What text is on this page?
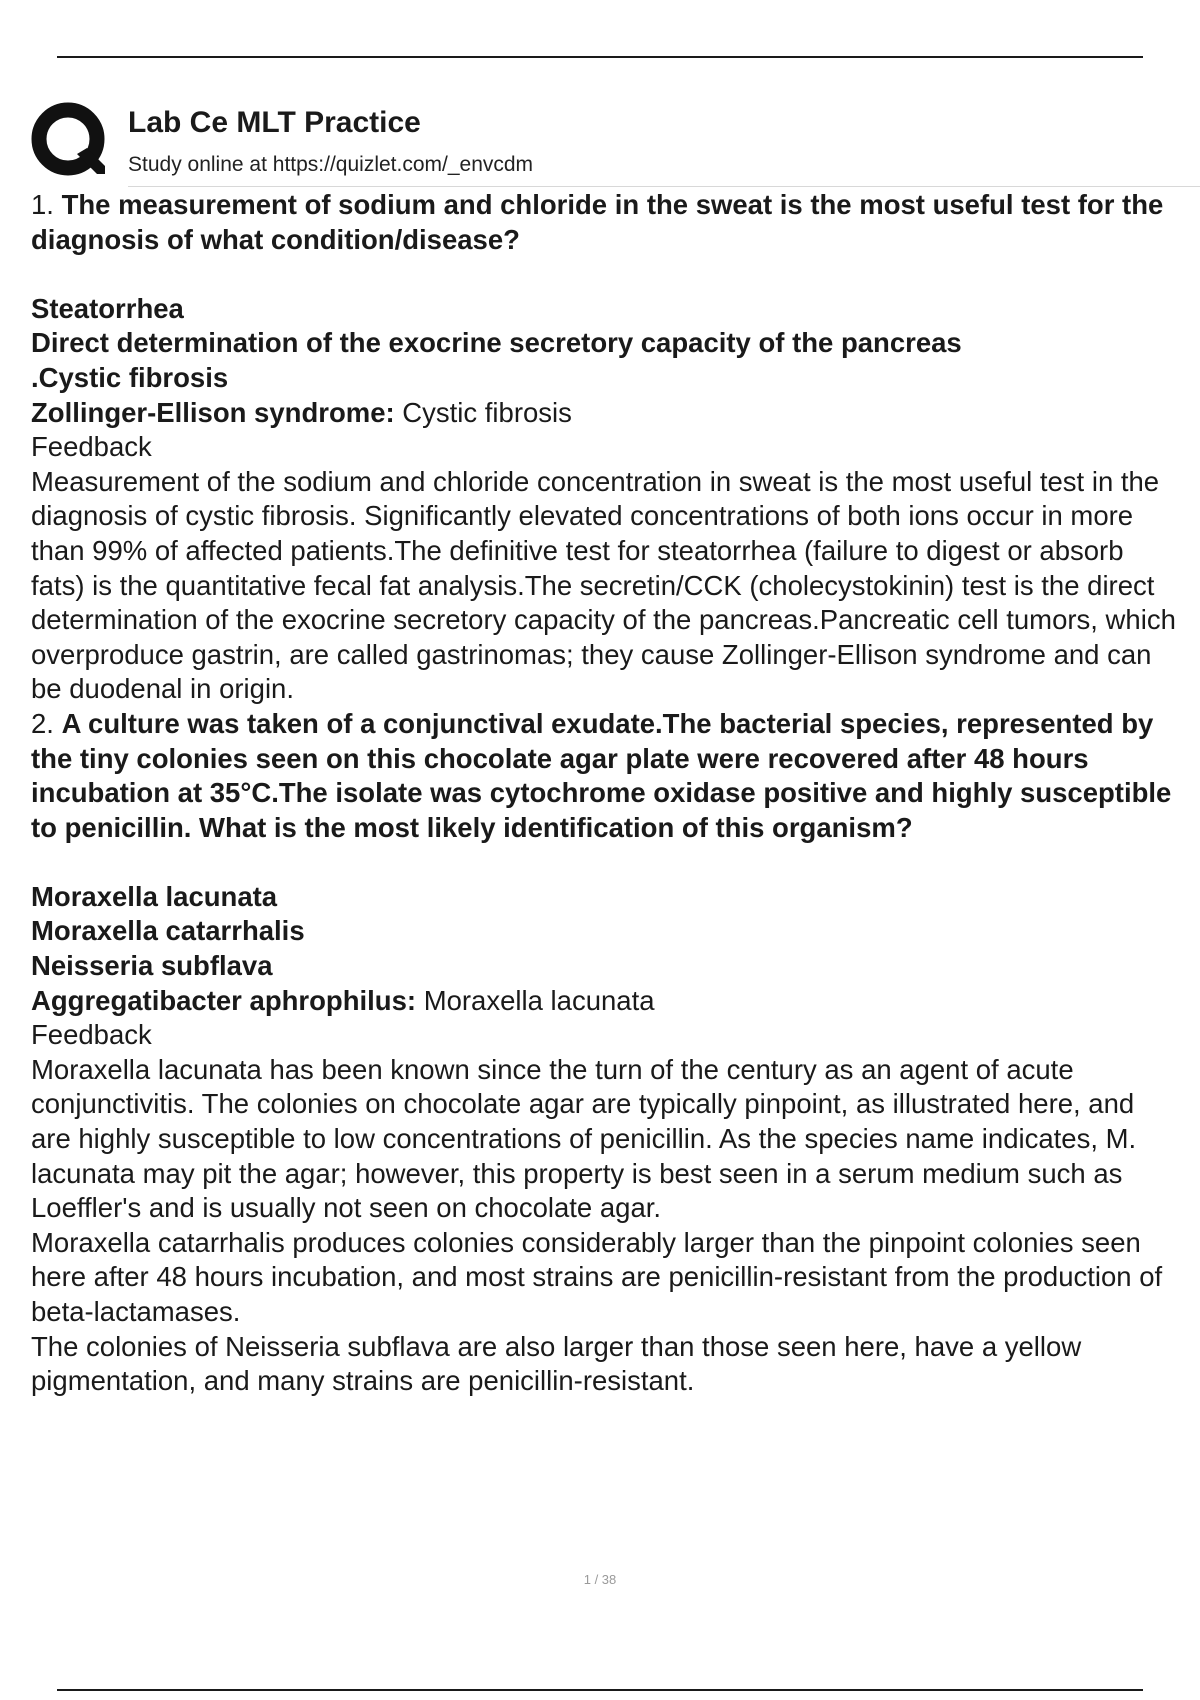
Lab Ce MLT Practice
Study online at https://quizlet.com/_envcdm

1. The measurement of sodium and chloride in the sweat is the most useful test for the diagnosis of what condition/disease?

Steatorrhea

Direct determination of the exocrine secretory capacity of the pancreas

.Cystic fibrosis

Zollinger-Ellison syndrome: Cystic fibrosis

Feedback

Measurement of the sodium and chloride concentration in sweat is the most useful test in the diagnosis of cystic fibrosis. Significantly elevated concentrations of both ions occur in more than 99% of affected patients.The definitive test for steatorrhea (failure to digest or absorb fats) is the quantitative fecal fat analysis.The secretin/CCK (cholecystokinin) test is the direct determination of the exocrine secretory capacity of the pancreas.Pancreatic cell tumors, which overproduce gastrin, are called gastrinomas; they cause Zollinger-Ellison syndrome and can be duodenal in origin.

2. A culture was taken of a conjunctival exudate.The bacterial species, represented by the tiny colonies seen on this chocolate agar plate were recovered after 48 hours incubation at 35°C.The isolate was cytochrome oxidase positive and highly susceptible to penicillin. What is the most likely identification of this organism?

Moraxella lacunata

Moraxella catarrhalis

Neisseria subflava

Aggregatibacter aphrophilus: Moraxella lacunata

Feedback

Moraxella lacunata has been known since the turn of the century as an agent of acute conjunctivitis. The colonies on chocolate agar are typically pinpoint, as illustrated here, and are highly susceptible to low concentrations of penicillin. As the species name indicates, M. lacunata may pit the agar; however, this property is best seen in a serum medium such as Loeffler's and is usually not seen on chocolate agar.

Moraxella catarrhalis produces colonies considerably larger than the pinpoint colonies seen here after 48 hours incubation, and most strains are penicillin-resistant from the production of beta-lactamases.

The colonies of Neisseria subflava are also larger than those seen here, have a yellow pigmentation, and many strains are penicillin-resistant.

1 / 38
